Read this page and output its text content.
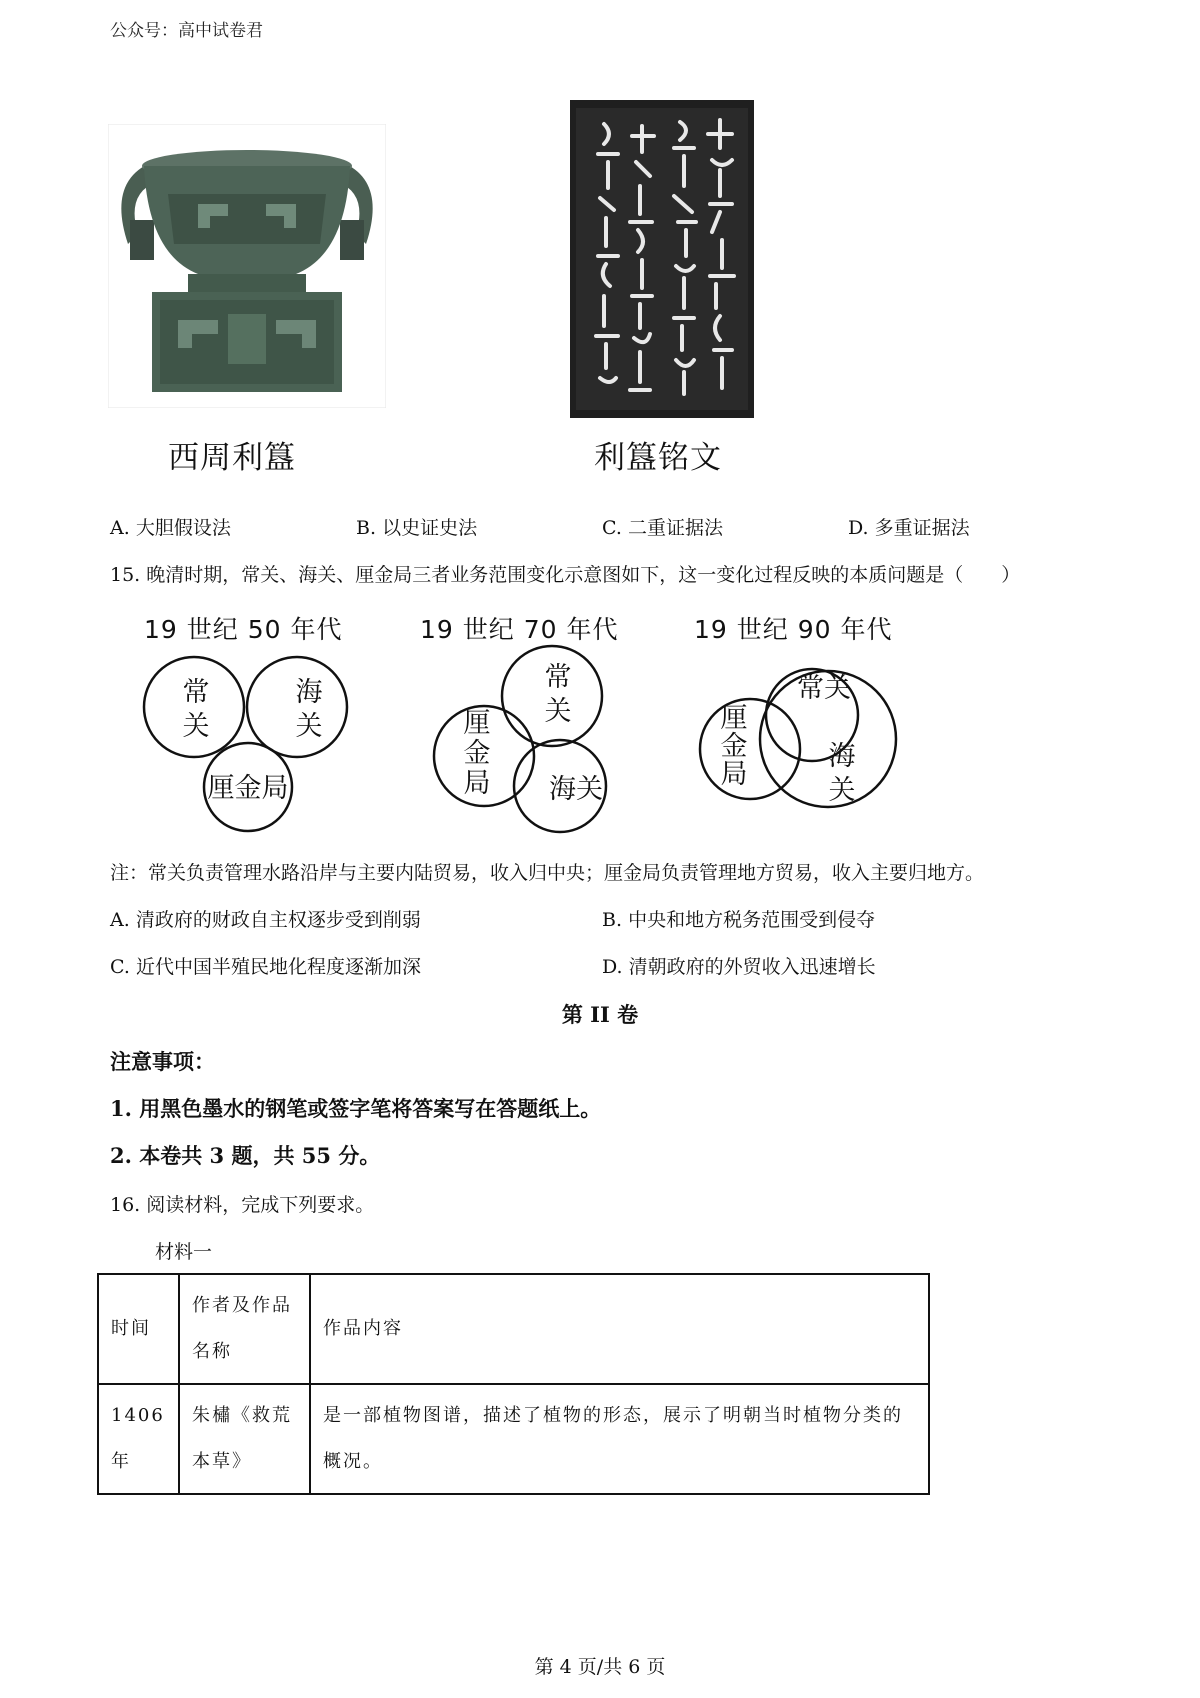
公众号：高中试卷君
西周利簋	利簋铭文
A. 大胆假设法	B. 以史证史法	C. 二重证据法	D. 多重证据法
15. 晚清时期，常关、海关、厘金局三者业务范围变化示意图如下，这一变化过程反映的本质问题是（　　）
19 世纪 50 年代
常
关
海
关
厘金局
19 世纪 70 年代
常
关
厘
金
局 海关
19 世纪 90 年代
常关
厘
金
局
海
关
注：常关负责管理水路沿岸与主要内陆贸易，收入归中央；厘金局负责管理地方贸易，收入主要归地方。
A. 清政府的财政自主权逐步受到削弱	B. 中央和地方税务范围受到侵夺
C. 近代中国半殖民地化程度逐渐加深	D. 清朝政府的外贸收入迅速增长
第 II 卷
注意事项：
1. 用黑色墨水的钢笔或签字笔将答案写在答题纸上。
2. 本卷共 3 题，共 55 分。
16. 阅读材料，完成下列要求。
材料一
时间	作者及作品名称	作品内容
1406 年	朱橚《救荒本草》	是一部植物图谱，描述了植物的形态，展示了明朝当时植物分类的概况。
第 4 页/共 6 页
